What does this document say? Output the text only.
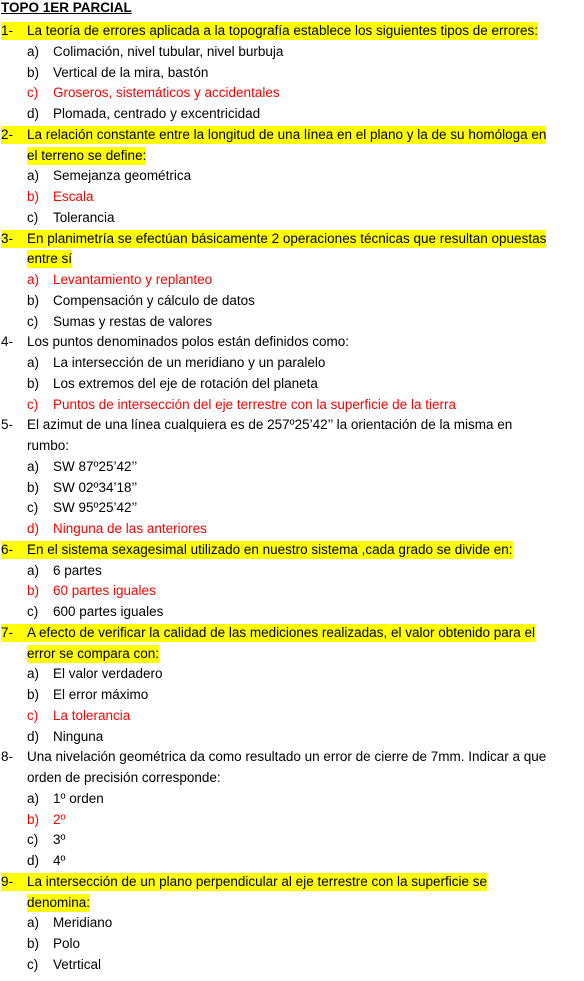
TOPO 1ER PARCIAL
1-	La teoría de errores aplicada a la topografía establece los siguientes tipos de errores:
a) Colimación, nivel tubular, nivel burbuja
b) Vertical de la mira, bastón
c) Groseros, sistemáticos y accidentales
d) Plomada, centrado y excentricidad
2-	La relación constante entre la longitud de una línea en el plano y la de su homóloga en
el terreno se define:
a) Semejanza geométrica
b) Escala
c) Tolerancia
3-	En planimetría se efectúan básicamente 2 operaciones técnicas que resultan opuestas
entre sí
a) Levantamiento y replanteo
b) Compensación y cálculo de datos
c) Sumas y restas de valores
4- Los puntos denominados polos están definidos como:
a) La intersección de un meridiano y un paralelo
b) Los extremos del eje de rotación del planeta
c) Puntos de intersección del eje terrestre con la superficie de la tierra
5- El azimut de una línea cualquiera es de 257º25’42’’ la orientación de la misma en
rumbo:
a) SW 87º25’42’’
b) SW 02º34’18’’
c) SW 95º25’42’’
d) Ninguna de las anteriores
6-	En el sistema sexagesimal utilizado en nuestro sistema ,cada grado se divide en:
a) 6 partes
b) 60 partes iguales
c) 600 partes iguales
7-	A efecto de verificar la calidad de las mediciones realizadas, el valor obtenido para el
error se compara con:
a) El valor verdadero
b) El error máximo
c) La tolerancia
d) Ninguna
8- Una nivelación geométrica da como resultado un error de cierre de 7mm. Indicar a que
orden de precisión corresponde:
a) 1º orden
b) 2º
c) 3º
d) 4º
9-	La intersección de un plano perpendicular al eje terrestre con la superficie se
denomina:
a) Meridiano
b) Polo
c) Vetrtical
